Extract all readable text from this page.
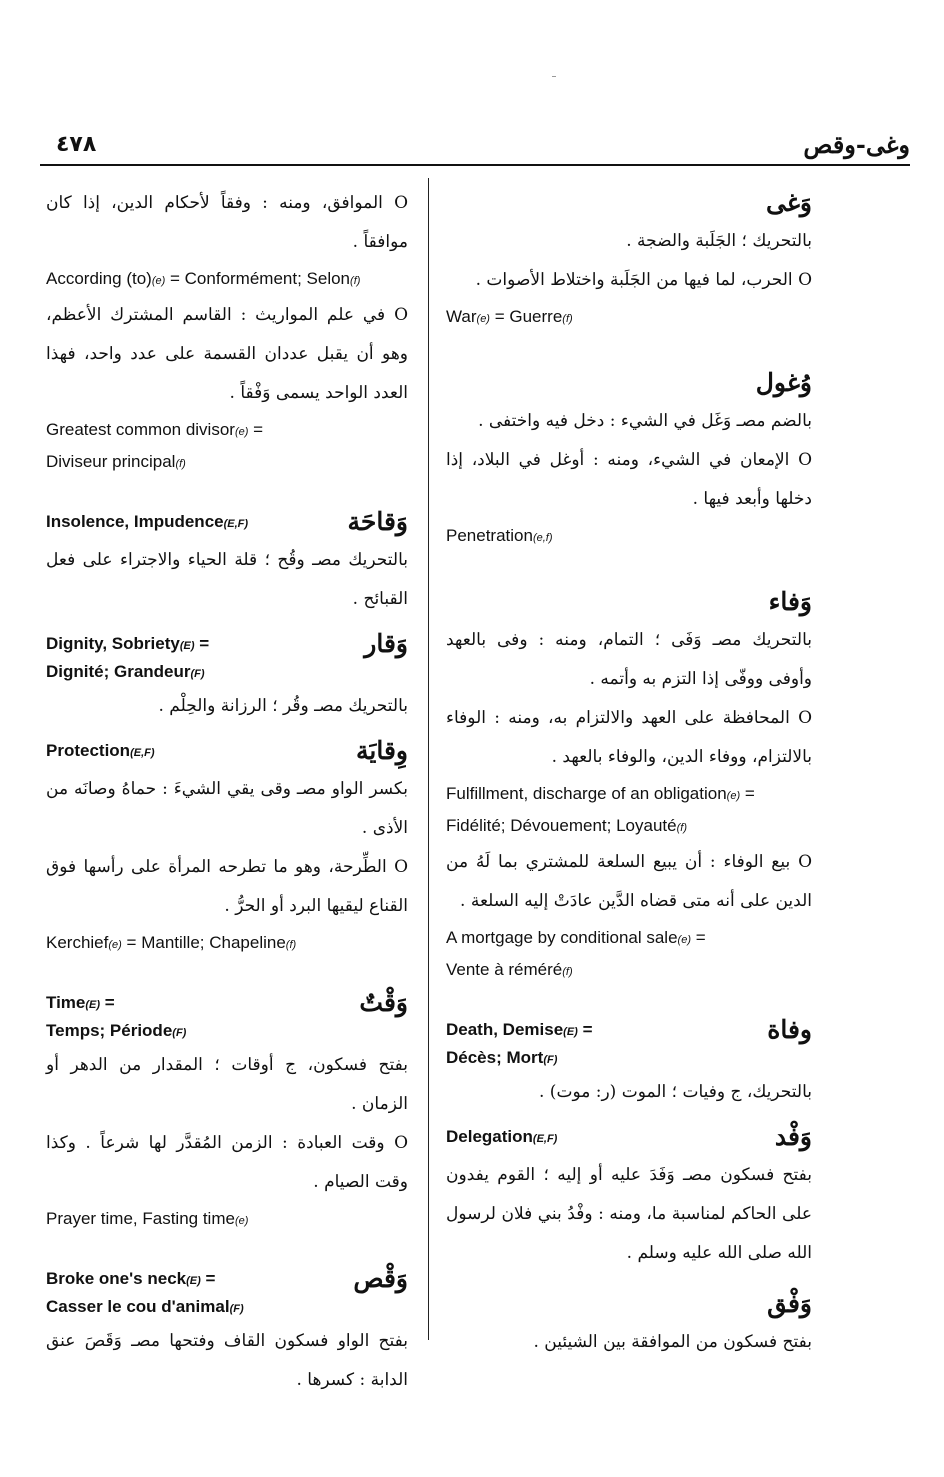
٤٧٨	وغى-وقص
وَغى
بالتحريك ؛ الجَلَبة والضجة .
O الحرب، لما فيها من الجَلَبة واختلاط الأصوات .
War(e) = Guerre(f)
وُغول
بالضم مصـ وَغَل في الشيء : دخل فيه واختفى .
O الإمعان في الشيء، ومنه : أوغل في البلاد، إذا دخلها وأبعد فيها .
Penetration(e,f)
وَفاء
بالتحريك مصـ وَفَى ؛ التمام، ومنه : وفى بالعهد وأوفى ووفّى إذا التزم به وأتمه .
O المحافظة على العهد والالتزام به، ومنه : الوفاء بالالتزام، ووفاء الدين، والوفاء بالعهد .
Fulfillment, discharge of an obligation(e) =
Fidélité; Dévouement; Loyauté(f)
O بيع الوفاء : أن يبيع السلعة للمشتري بما لَهُ من الدين على أنه متى قضاه الدَّين عادَتْ إليه السلعة .
A mortgage by conditional sale(e) =
Vente à réméré(f)
وفاة
Death, Demise(E) =
Décès; Mort(F)
بالتحريك، ج وفيات ؛ الموت (ر: موت) .
وَفْد
Delegation(E,F)
بفتح فسكون مصـ وَفَدَ عليه أو إليه ؛ القوم يفدون على الحاكم لمناسبة ما، ومنه : وفْدُ بني فلان لرسول الله صلى الله عليه وسلم .
وَفْق
بفتح فسكون من الموافقة بين الشيئين .
O الموافق، ومنه : وفقاً لأحكام الدين، إذا كان موافقاً .
According (to)(e) = Conformément; Selon(f)
O في علم المواريث : القاسم المشترك الأعظم، وهو أن يقبل عددان القسمة على عدد واحد، فهذا العدد الواحد يسمى وَفْقاً .
Greatest common divisor(e) =
Diviseur principal(f)
وَقاحَة
Insolence, Impudence(E,F)
بالتحريك مصـ وقُح ؛ قلة الحياء والاجتراء على فعل القبائح .
وَقار
Dignity, Sobriety(E) =
Dignité; Grandeur(F)
بالتحريك مصـ وقُر ؛ الرزانة والحِلْم .
وِقايَة
Protection(E,F)
بكسر الواو مصـ وقى يقي الشيءَ : حماهُ وصانَه من الأذى .
O الطِّرحة، وهو ما تطرحه المرأة على رأسها فوق القناع ليقيها البرد أو الحرُّ .
Kerchief(e) = Mantille; Chapeline(f)
وَقْتٌ
Time(E) =
Temps; Période(F)
بفتح فسكون، ج أوقات ؛ المقدار من الدهر أو الزمان .
O وقت العبادة : الزمن المُقدَّر لها شرعاً . وكذا وقت الصيام .
Prayer time, Fasting time(e)
وَقْص
Broke one's neck(E) =
Casser le cou d'animal(F)
بفتح الواو فسكون القاف وفتحها مصـ وَقَصَ عنق الدابة : كسرها .
